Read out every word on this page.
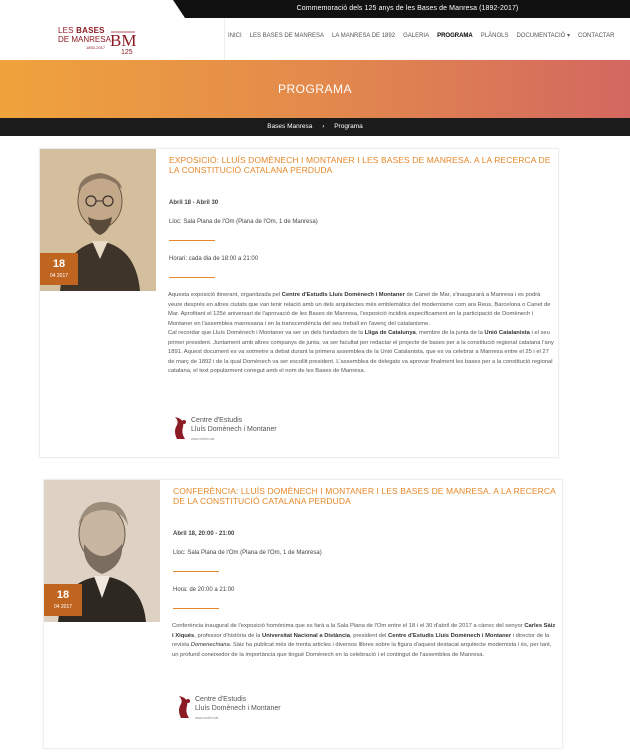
Commemoració dels 125 anys de les Bases de Manresa (1892-2017)
LES BASES
DE MANRESA
1892-2017 BM
125
INICI	LES BASES DE MANRESA	LA MANRESA DE 1892	GALERIA	PROGRAMA	PLÀNOLS	DOCUMENTACIÓ ▾	CONTACTAR
PROGRAMA
Bases Manresa › Programa
18
04 2017
EXPOSICIÓ: LLUÍS DOMÈNECH I MONTANER I LES BASES DE MANRESA. A LA RECERCA DE LA CONSTITUCIÓ CATALANA PERDUDA
Abril 18 - Abril 30
Lloc: Sala Plana de l'Om (Plana de l'Om, 1 de Manresa)
Horari: cada dia de 18:00 a 21:00
Aquesta exposició itinerant, organitzada pel Centre d'Estudis Lluís Domènech i Montaner de Canet de Mar, s'inaugurarà a Manresa i es podrà veure després en altres ciutats que van tenir relació amb un dels arquitectes més emblemàtics del modernisme com ara Reus, Barcelona o Canet de Mar. Aprofitant el 125è aniversari de l'aprovació de les Bases de Manresa, l'exposició incidirà específicament en la participació de Domènech i Montaner en l'assemblea manresana i en la transcendència del seu treball en l'avenç del catalanisme.
Cal recordar que Lluís Domènech i Montaner va ser un dels fundadors de la Lliga de Catalunya, membre de la junta de la Unió Catalanista i el seu primer president. Juntament amb altres companys de junta, va ser facultat per redactar el projecte de bases per a la constitució regional catalana l'any 1891. Aquest document es va sotmetre a debat durant la primera assemblea de la Unió Catalanista, que es va celebrar a Manresa entre el 25 i el 27 de març de 1892 i de la qual Domènech va ser escollit president. L'assemblea de delegats va aprovar finalment les bases per a la constitució regional catalana, el text popularment conegut amb el nom de les Bases de Manresa.
Centre d'Estudis
Lluís Domènech i Montaner
www.cedlm.cat
18
04 2017
CONFERÈNCIA: LLUÍS DOMÈNECH I MONTANER I LES BASES DE MANRESA. A LA RECERCA DE LA CONSTITUCIÓ CATALANA PERDUDA
Abril 18, 20:00 - 21:00
Lloc: Sala Plana de l'Om (Plana de l'Om, 1 de Manresa)
Hora: de 20:00 a 21:00
Conferència inaugural de l'exposició homònima que es farà a la Sala Plana de l'Om entre el 18 i el 30 d'abril de 2017 a càrrec del senyor Carles Sàiz i Xiqués, professor d'història de la Universitat Nacional a Distància, president del Centre d'Estudis Lluís Domènech i Montaner i director de la revista Domenechiana. Sàiz ha publicat més de trenta articles i diversos llibres sobre la figura d'aquest destacat arquitecte modernista i és, per tant, un profund coneixedor de la importància que tingué Domènech en la celebració i el contingut de l'assemblea de Manresa.
Centre d'Estudis
Lluís Domènech i Montaner
www.cedlm.cat
